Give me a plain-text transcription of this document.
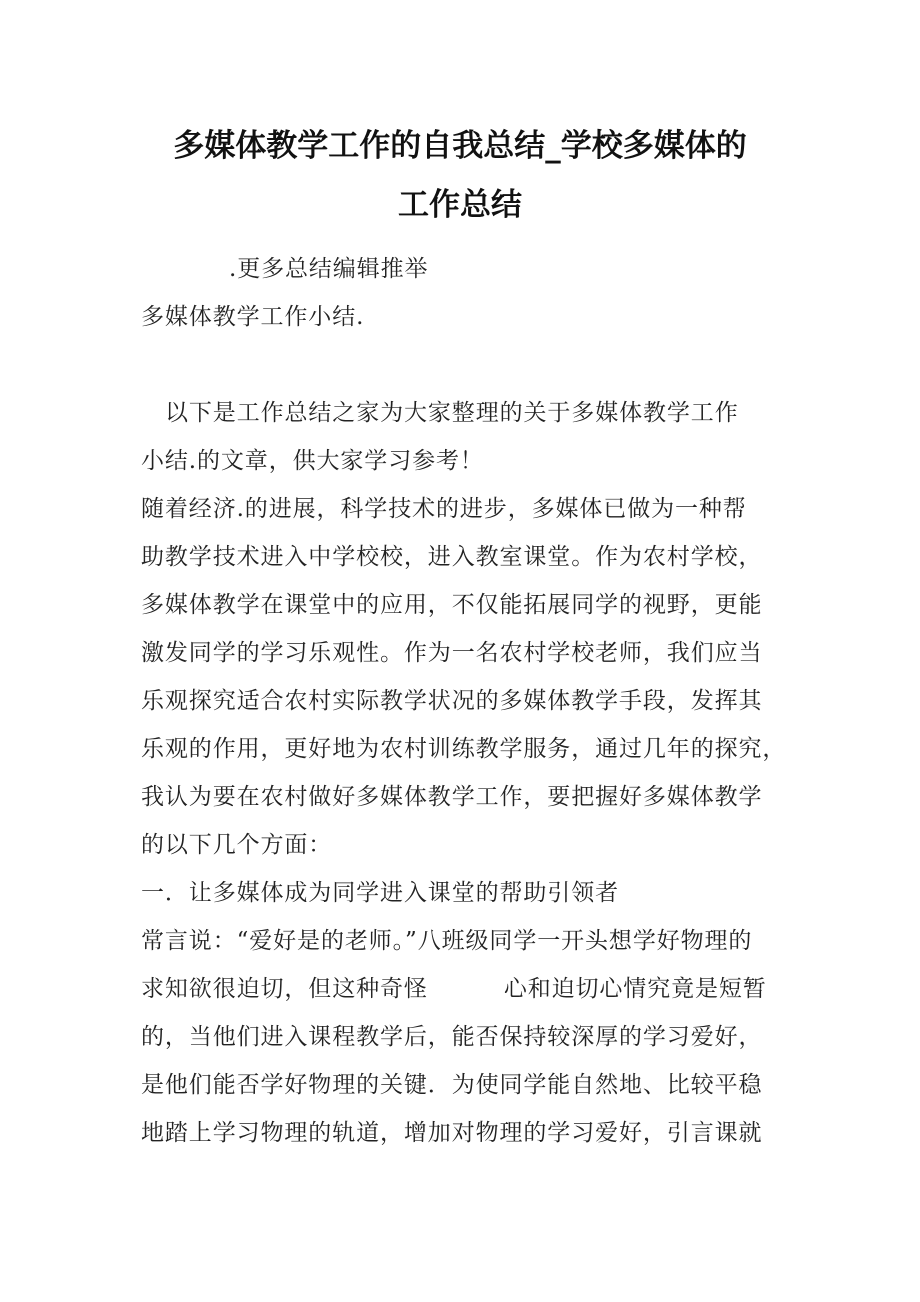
多媒体教学工作的自我总结_学校多媒体的
工作总结
.更多总结编辑推举
多媒体教学工作小结.
以下是工作总结之家为大家整理的关于多媒体教学工作
小结.的文章，供大家学习参考！
随着经济.的进展，科学技术的进步，多媒体已做为一种帮
助教学技术进入中学校校，进入教室课堂。作为农村学校，
多媒体教学在课堂中的应用，不仅能拓展同学的视野，更能
激发同学的学习乐观性。作为一名农村学校老师，我们应当
乐观探究适合农村实际教学状况的多媒体教学手段，发挥其
乐观的作用，更好地为农村训练教学服务，通过几年的探究，
我认为要在农村做好多媒体教学工作，要把握好多媒体教学
的以下几个方面：
一．让多媒体成为同学进入课堂的帮助引领者
常言说：“爱好是的老师。”八班级同学一开头想学好物理的
求知欲很迫切，但这种奇怪	心和迫切心情究竟是短暂
的，当他们进入课程教学后，能否保持较深厚的学习爱好，
是他们能否学好物理的关键．为使同学能自然地、比较平稳
地踏上学习物理的轨道，增加对物理的学习爱好，引言课就
